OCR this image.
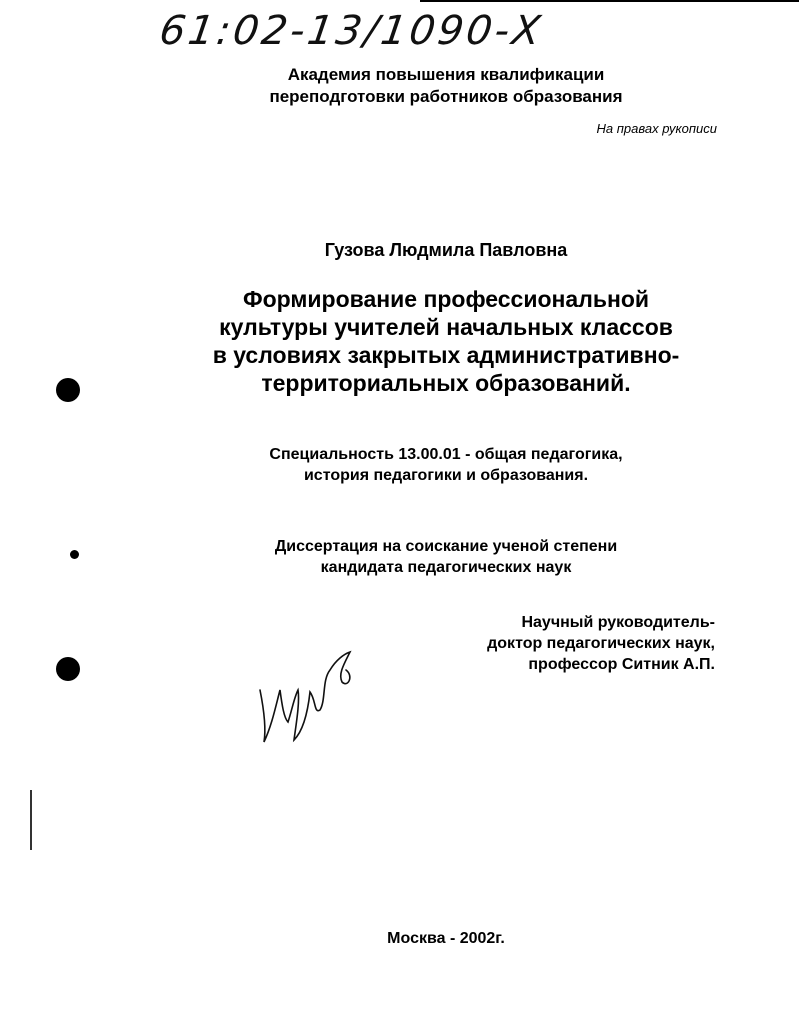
61:02-13/1090-Х
Академия повышения квалификации
переподготовки работников образования
На правах рукописи
Гузова Людмила Павловна
Формирование профессиональной
культуры учителей начальных классов
в условиях закрытых административно-
территориальных образований.
Специальность 13.00.01 - общая педагогика,
история педагогики и образования.
Диссертация на соискание ученой степени
кандидата педагогических наук
Научный руководитель-
доктор педагогических наук,
профессор Ситник А.П.
Москва - 2002г.
